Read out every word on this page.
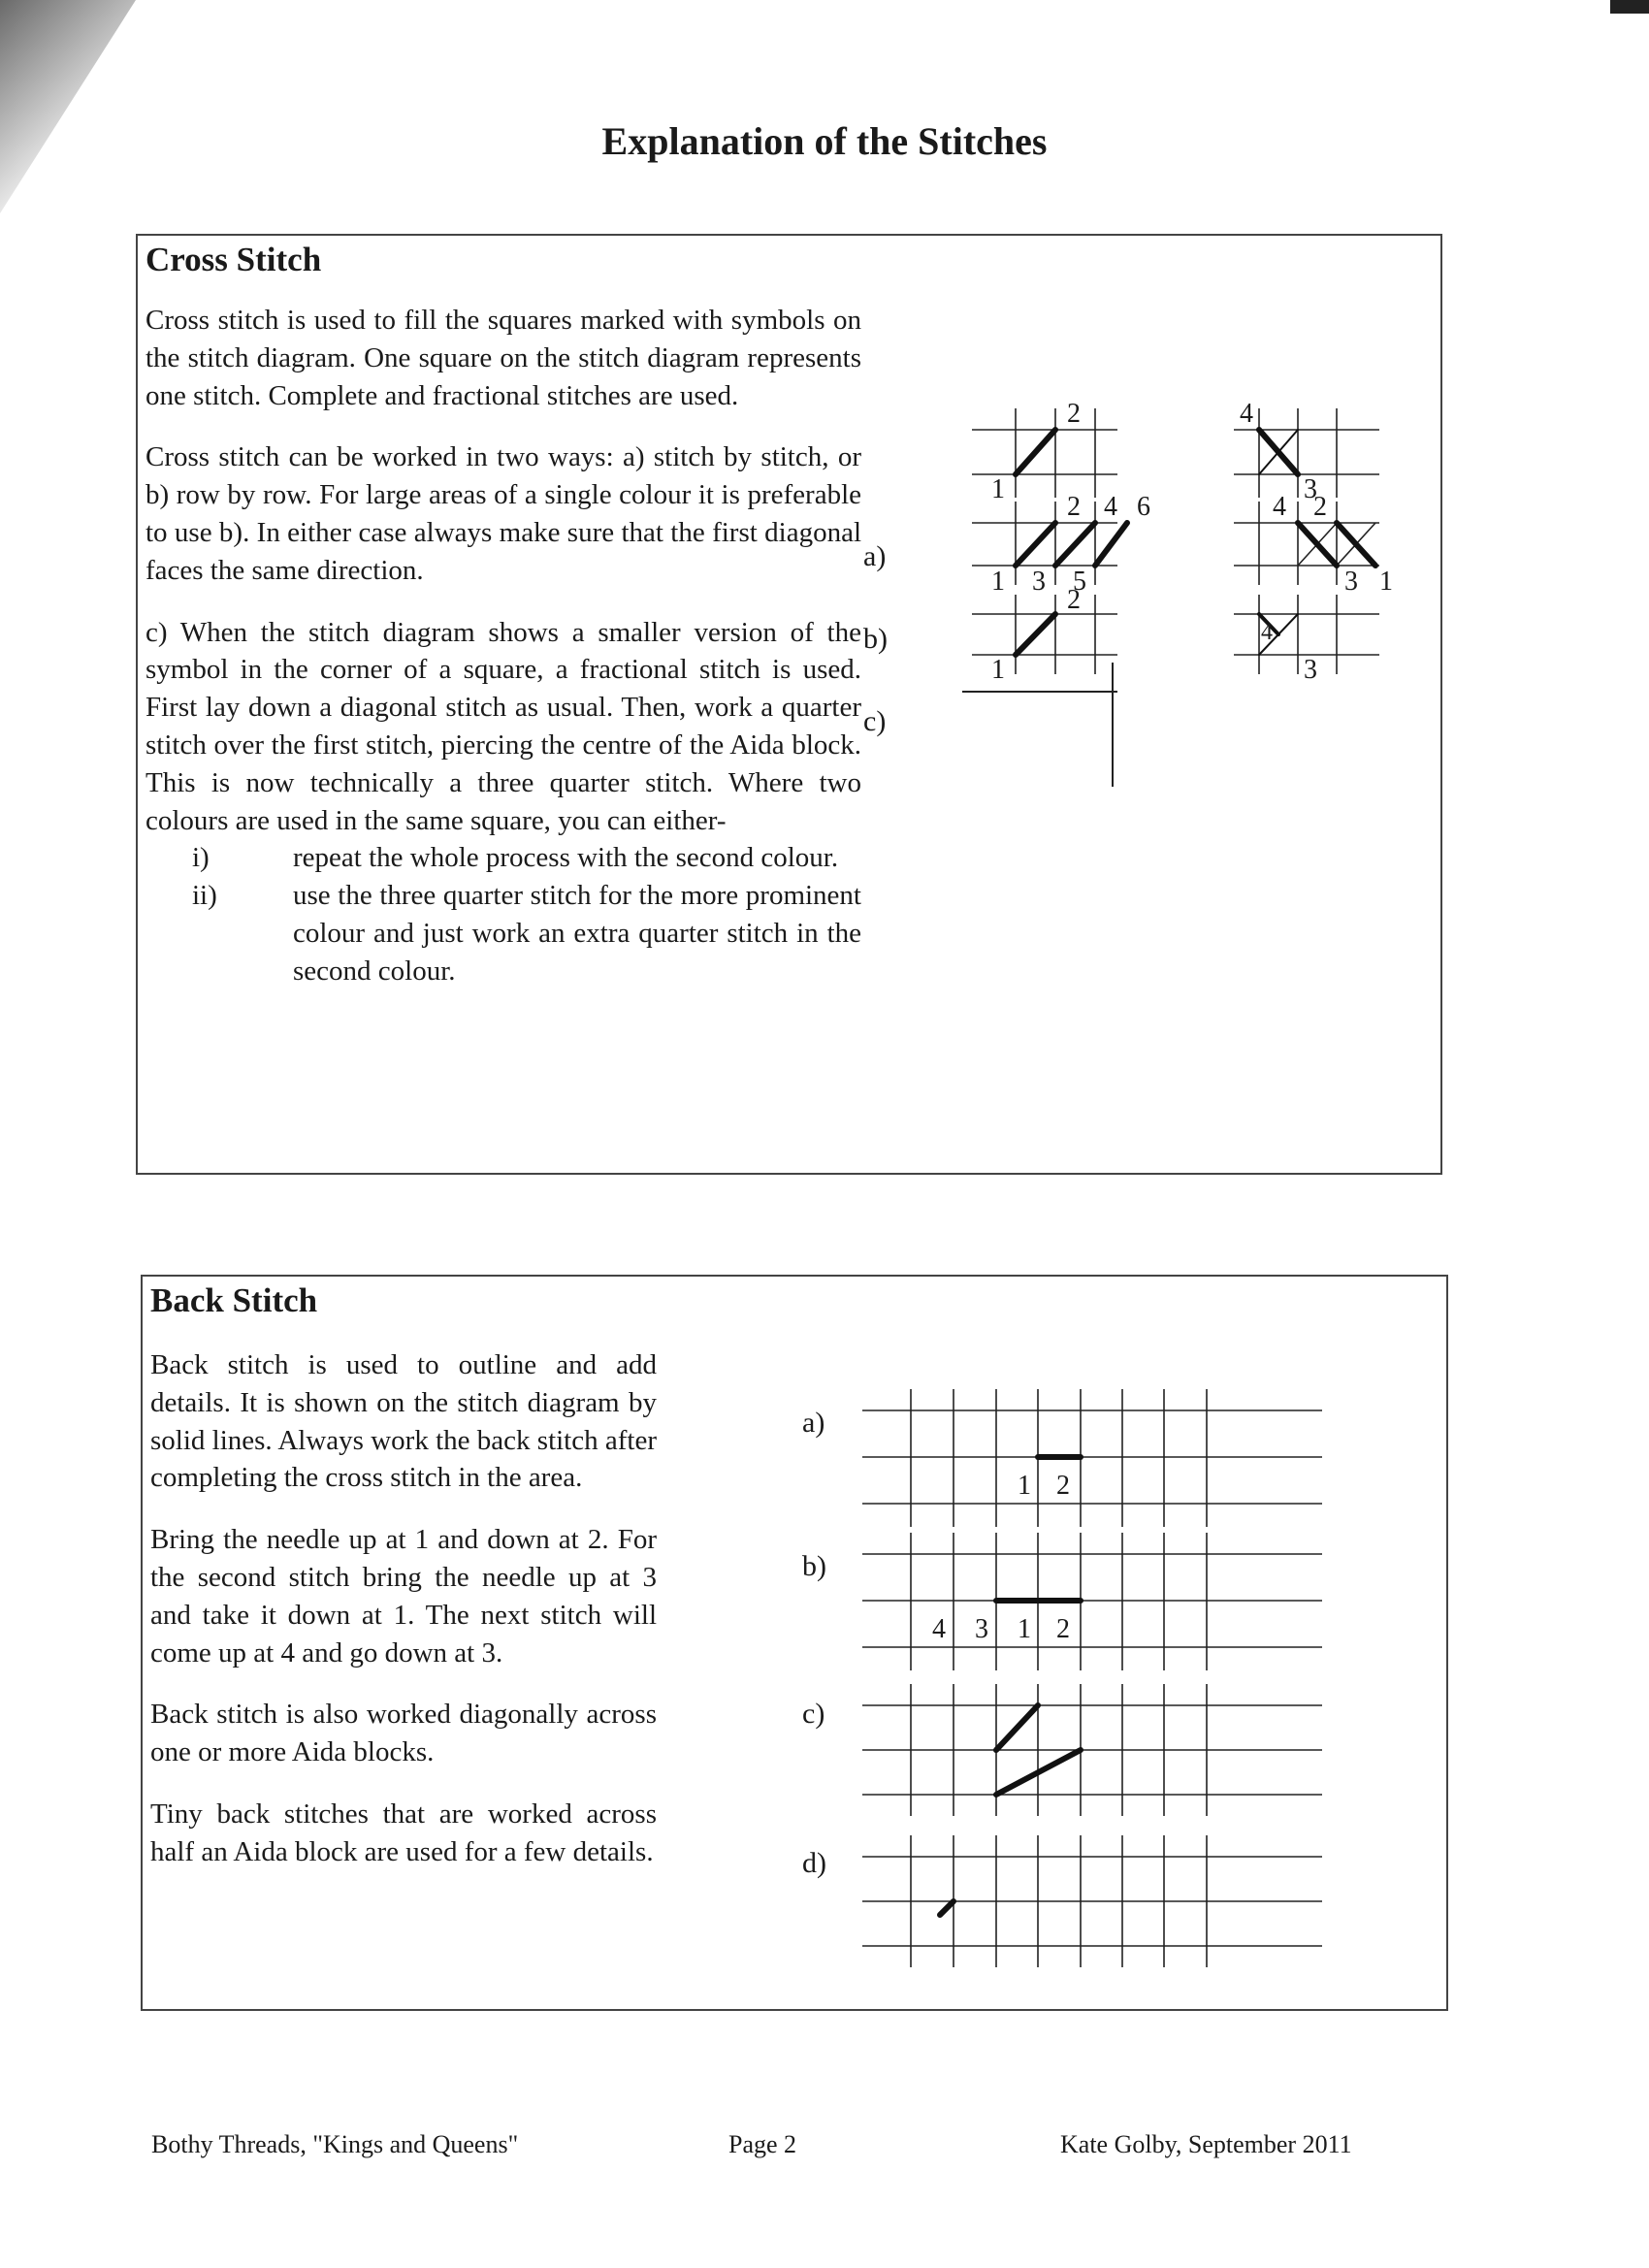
Explanation of the Stitches
Cross Stitch

Cross stitch is used to fill the squares marked with symbols on the stitch diagram. One square on the stitch diagram represents one stitch. Complete and fractional stitches are used.

Cross stitch can be worked in two ways: a) stitch by stitch, or b) row by row. For large areas of a single colour it is preferable to use b). In either case always make sure that the first diagonal faces the same direction.

c) When the stitch diagram shows a smaller version of the symbol in the corner of a square, a fractional stitch is used. First lay down a diagonal stitch as usual. Then, work a quarter stitch over the first stitch, piercing the centre of the Aida block. This is now technically a three quarter stitch. Where two colours are used in the same square, you can either-

i)	repeat the whole process with the second colour.
ii)	use the three quarter stitch for the more prominent colour and just work an extra quarter stitch in the second colour.
a)
b)
c)
1
2	4
3
1 3 5
2 4 6	4 2
3 1
1
2
4
3
Back Stitch

Back stitch is used to outline and add details. It is shown on the stitch diagram by solid lines. Always work the back stitch after completing the cross stitch in the area.

Bring the needle up at 1 and down at 2. For the second stitch bring the needle up at 3 and take it down at 1. The next stitch will come up at 4 and go down at 3.

Back stitch is also worked diagonally across one or more Aida blocks.

Tiny back stitches that are worked across half an Aida block are used for a few details.

a)
b)
c)
d)
1 2
4 3 1 2
Bothy Threads, "Kings and Queens"	Page 2	Kate Golby, September 2011
